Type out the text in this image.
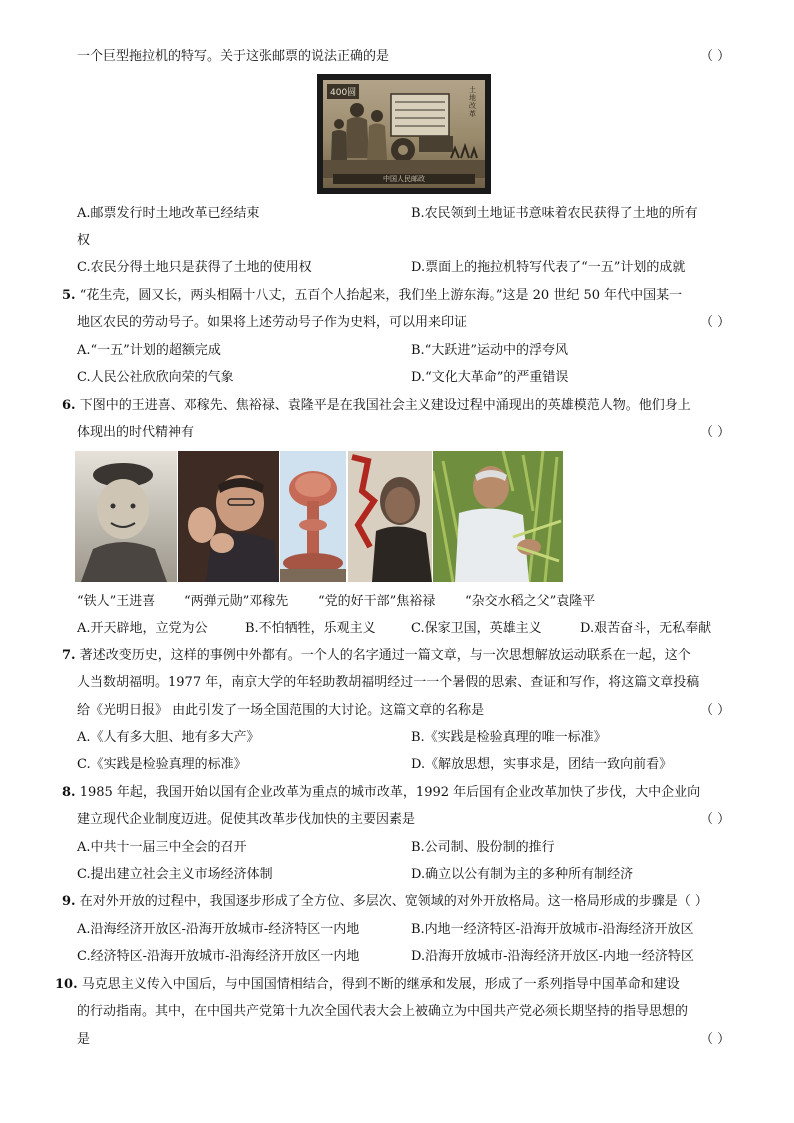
一个巨型拖拉机的特写。关于这张邮票的说法正确的是	（ ）
400圆	土地改革
中国人民邮政
A.邮票发行时土地改革已经结束	B.农民领到土地证书意味着农民获得了土地的所有
权
C.农民分得土地只是获得了土地的使用权	D.票面上的拖拉机特写代表了“一五”计划的成就
5. “花生壳，圆又长，两头相隔十八丈，五百个人抬起来，我们坐上游东海。”这是 20 世纪 50 年代中国某一
地区农民的劳动号子。如果将上述劳动号子作为史料，可以用来印证	（ ）
A.“一五”计划的超额完成	B.“大跃进”运动中的浮夸风
C.人民公社欣欣向荣的气象	D.“文化大革命”的严重错误
6. 下图中的王进喜、邓稼先、焦裕禄、袁隆平是在我国社会主义建设过程中涌现出的英雄模范人物。他们身上
体现出的时代精神有	（ ）
“铁人”王进喜 “两弹元勋”邓稼先 “党的好干部”焦裕禄 “杂交水稻之父”袁隆平
A.开天辟地，立党为公	B.不怕牺牲，乐观主义	C.保家卫国，英雄主义	D.艰苦奋斗，无私奉献
7. 著述改变历史，这样的事例中外都有。一个人的名字通过一篇文章，与一次思想解放运动联系在一起，这个
人当数胡福明。1977 年，南京大学的年轻助教胡福明经过一一个暑假的思索、查证和写作，将这篇文章投稿
给《光明日报》 由此引发了一场全国范围的大讨论。这篇文章的名称是	（ ）
A.《人有多大胆、地有多大产》	B.《实践是检验真理的唯一标准》
C.《实践是检验真理的标准》	D.《解放思想，实事求是，团结一致向前看》
8. 1985 年起，我国开始以国有企业改革为重点的城市改革，1992 年后国有企业改革加快了步伐，大中企业向
建立现代企业制度迈进。促使其改革步伐加快的主要因素是	（ ）
A.中共十一届三中全会的召开	B.公司制、股份制的推行
C.提出建立社会主义市场经济体制	D.确立以公有制为主的多种所有制经济
9. 在对外开放的过程中，我国逐步形成了全方位、多层次、宽领域的对外开放格局。这一格局形成的步骤是（ ）
A.沿海经济开放区-沿海开放城市-经济特区一内地	B.内地一经济特区-沿海开放城市-沿海经济开放区
C.经济特区-沿海开放城市-沿海经济开放区一内地	D.沿海开放城市-沿海经济开放区-内地一经济特区
10. 马克思主义传入中国后，与中国国情相结合，得到不断的继承和发展，形成了一系列指导中国革命和建设
的行动指南。其中，在中国共产党第十九次全国代表大会上被确立为中国共产党必须长期坚持的指导思想的
是	（ ）
